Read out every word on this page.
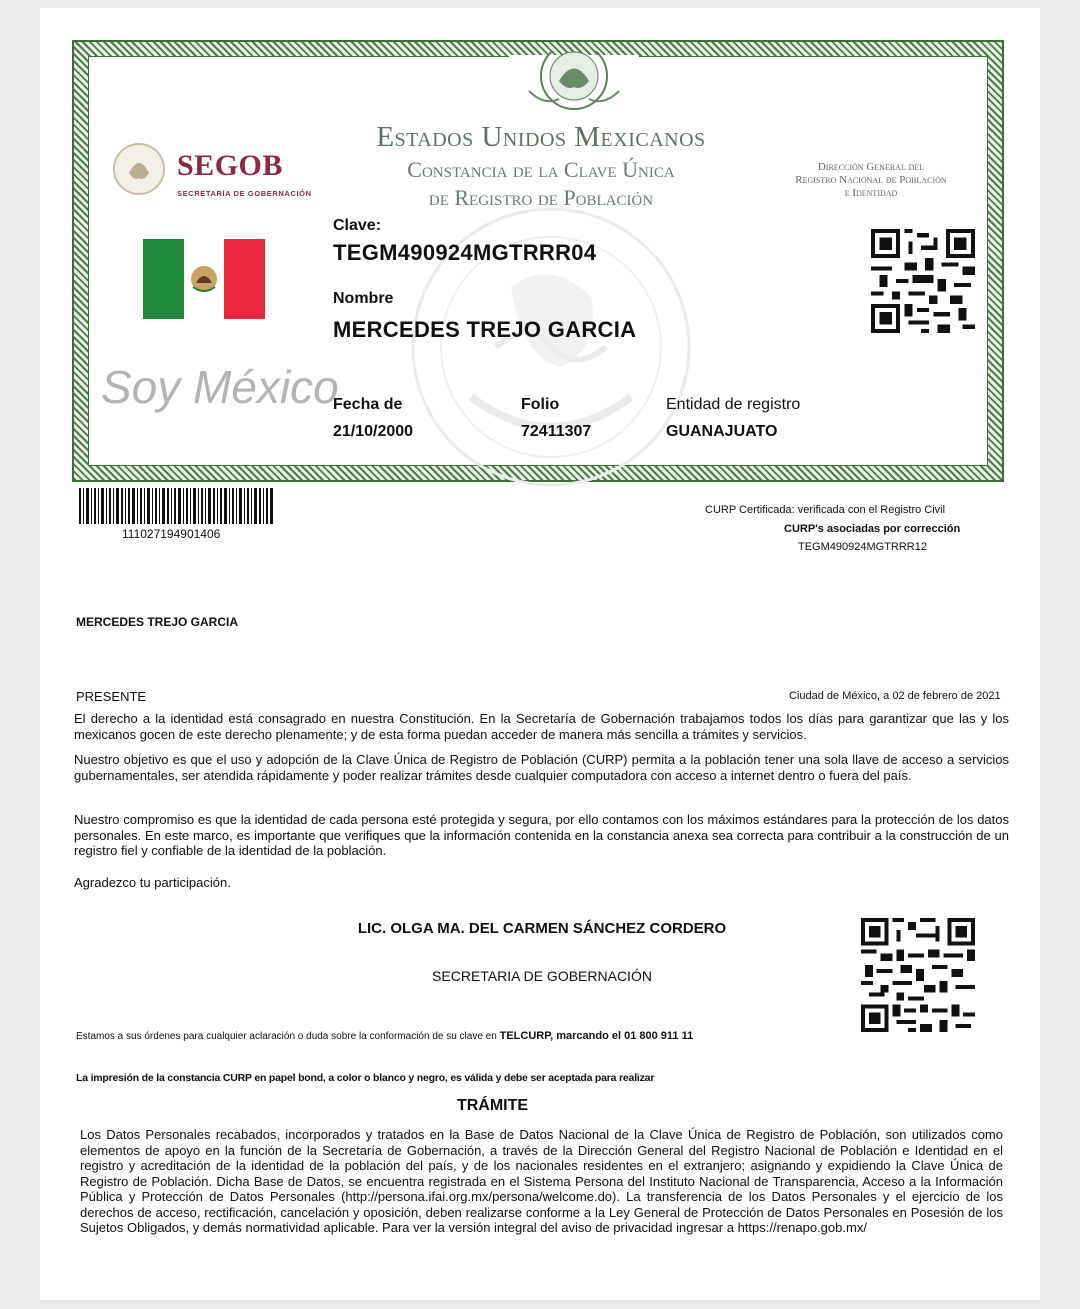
Estados Unidos Mexicanos
Constancia de la Clave Única
de Registro de Población
SEGOB
SECRETARÍA DE GOBERNACIÓN
Dirección General del
Registro Nacional de Población
e Identidad
Soy México
Clave:
TEGM490924MGTRRR04
Nombre
MERCEDES TREJO GARCIA
Fecha de
21/10/2000
Folio
72411307
Entidad de registro
GUANAJUATO
111027194901406
CURP Certificada: verificada con el Registro Civil
CURP's asociadas por corrección
TEGM490924MGTRRR12
MERCEDES TREJO GARCIA
PRESENTE	Ciudad de México, a 02 de febrero de 2021

El derecho a la identidad está consagrado en nuestra Constitución. En la Secretaría de Gobernación trabajamos todos los días para garantizar que las y los mexicanos gocen de este derecho plenamente; y de esta forma puedan acceder de manera más sencilla a trámites y servicios.

Nuestro objetivo es que el uso y adopción de la Clave Única de Registro de Población (CURP) permita a la población tener una sola llave de acceso a servicios gubernamentales, ser atendida rápidamente y poder realizar trámites desde cualquier computadora con acceso a internet dentro o fuera del país.

Nuestro compromiso es que la identidad de cada persona esté protegida y segura, por ello contamos con los máximos estándares para la protección de los datos personales. En este marco, es importante que verifiques que la información contenida en la constancia anexa sea correcta para contribuir a la construcción de un registro fiel y confiable de la identidad de la población.

Agradezco tu participación.
LIC. OLGA MA. DEL CARMEN SÁNCHEZ CORDERO
SECRETARIA DE GOBERNACIÓN
Estamos a sus órdenes para cualquier aclaración o duda sobre la conformación de su clave en TELCURP, marcando el 01 800 911 11
La impresión de la constancia CURP en papel bond, a color o blanco y negro, es válida y debe ser aceptada para realizar
TRÁMITE

Los Datos Personales recabados, incorporados y tratados en la Base de Datos Nacional de la Clave Única de Registro de Población, son utilizados como elementos de apoyo en la función de la Secretaría de Gobernación, a través de la Dirección General del Registro Nacional de Población e Identidad en el registro y acreditación de la identidad de la población del país, y de los nacionales residentes en el extranjero; asignando y expidiendo la Clave Única de Registro de Población. Dicha Base de Datos, se encuentra registrada en el Sistema Persona del Instituto Nacional de Transparencia, Acceso a la Información Pública y Protección de Datos Personales (http://persona.ifai.org.mx/persona/welcome.do). La transferencia de los Datos Personales y el ejercicio de los derechos de acceso, rectificación, cancelación y oposición, deben realizarse conforme a la Ley General de Protección de Datos Personales en Posesión de los Sujetos Obligados, y demás normatividad aplicable. Para ver la versión integral del aviso de privacidad ingresar a https://renapo.gob.mx/
